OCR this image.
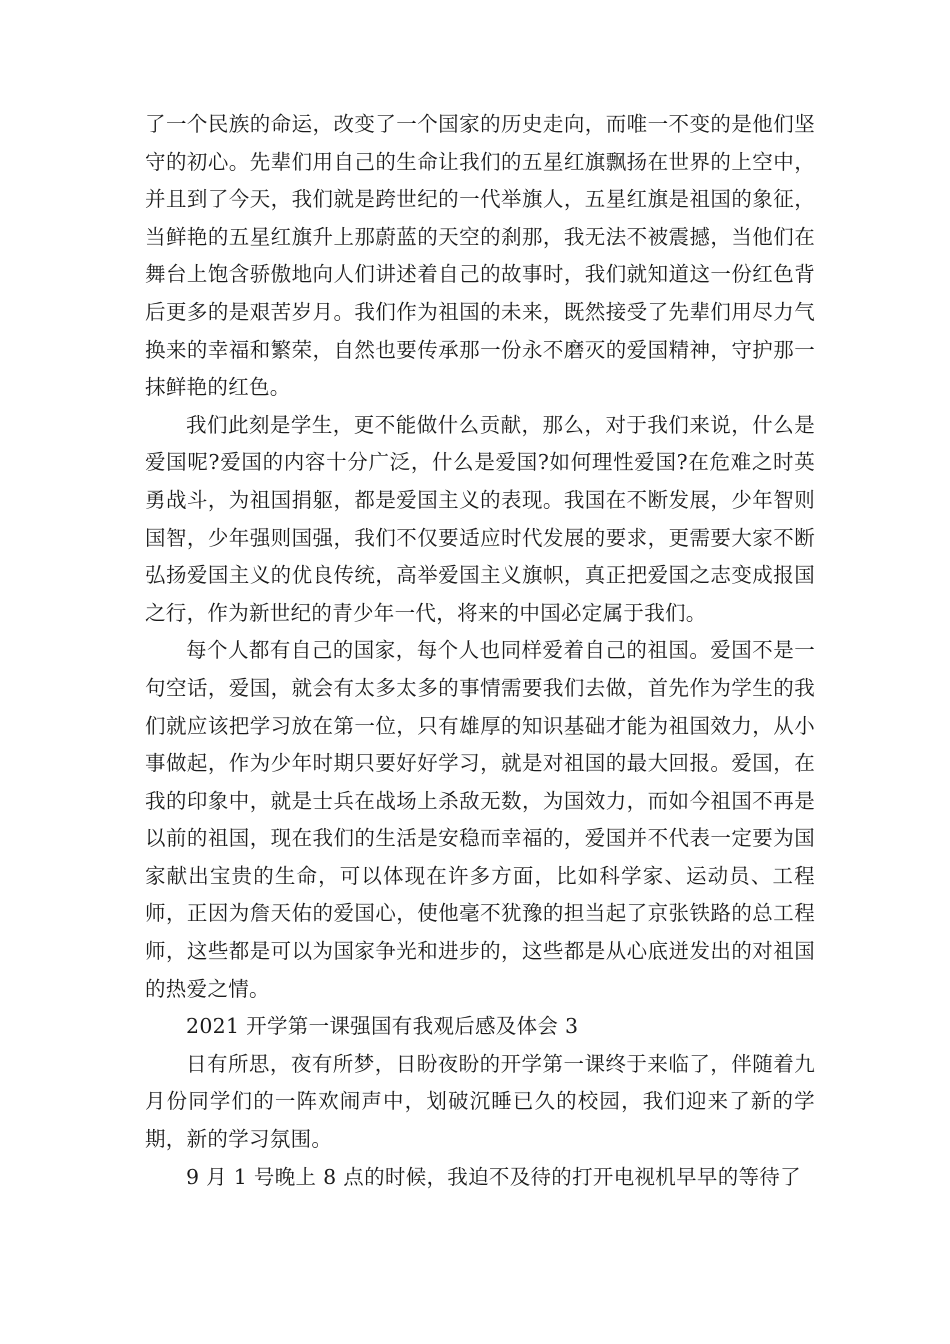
了一个民族的命运，改变了一个国家的历史走向，而唯一不变的是他们坚守的初心。先辈们用自己的生命让我们的五星红旗飘扬在世界的上空中，并且到了今天，我们就是跨世纪的一代举旗人，五星红旗是祖国的象征，当鲜艳的五星红旗升上那蔚蓝的天空的刹那，我无法不被震撼，当他们在舞台上饱含骄傲地向人们讲述着自己的故事时，我们就知道这一份红色背后更多的是艰苦岁月。我们作为祖国的未来，既然接受了先辈们用尽力气换来的幸福和繁荣，自然也要传承那一份永不磨灭的爱国精神，守护那一抹鲜艳的红色。

我们此刻是学生，更不能做什么贡献，那么，对于我们来说，什么是爱国呢?爱国的内容十分广泛，什么是爱国?如何理性爱国?在危难之时英勇战斗，为祖国捐躯，都是爱国主义的表现。我国在不断发展，少年智则国智，少年强则国强，我们不仅要适应时代发展的要求，更需要大家不断弘扬爱国主义的优良传统，高举爱国主义旗帜，真正把爱国之志变成报国之行，作为新世纪的青少年一代，将来的中国必定属于我们。

每个人都有自己的国家，每个人也同样爱着自己的祖国。爱国不是一句空话，爱国，就会有太多太多的事情需要我们去做，首先作为学生的我们就应该把学习放在第一位，只有雄厚的知识基础才能为祖国效力，从小事做起，作为少年时期只要好好学习，就是对祖国的最大回报。爱国，在我的印象中，就是士兵在战场上杀敌无数，为国效力，而如今祖国不再是以前的祖国，现在我们的生活是安稳而幸福的，爱国并不代表一定要为国家献出宝贵的生命，可以体现在许多方面，比如科学家、运动员、工程师，正因为詹天佑的爱国心，使他毫不犹豫的担当起了京张铁路的总工程师，这些都是可以为国家争光和进步的，这些都是从心底迸发出的对祖国的热爱之情。

2021 开学第一课强国有我观后感及体会 3

日有所思，夜有所梦，日盼夜盼的开学第一课终于来临了，伴随着九月份同学们的一阵欢闹声中，划破沉睡已久的校园，我们迎来了新的学期，新的学习氛围。

9 月 1 号晚上 8 点的时候，我迫不及待的打开电视机早早的等待了
